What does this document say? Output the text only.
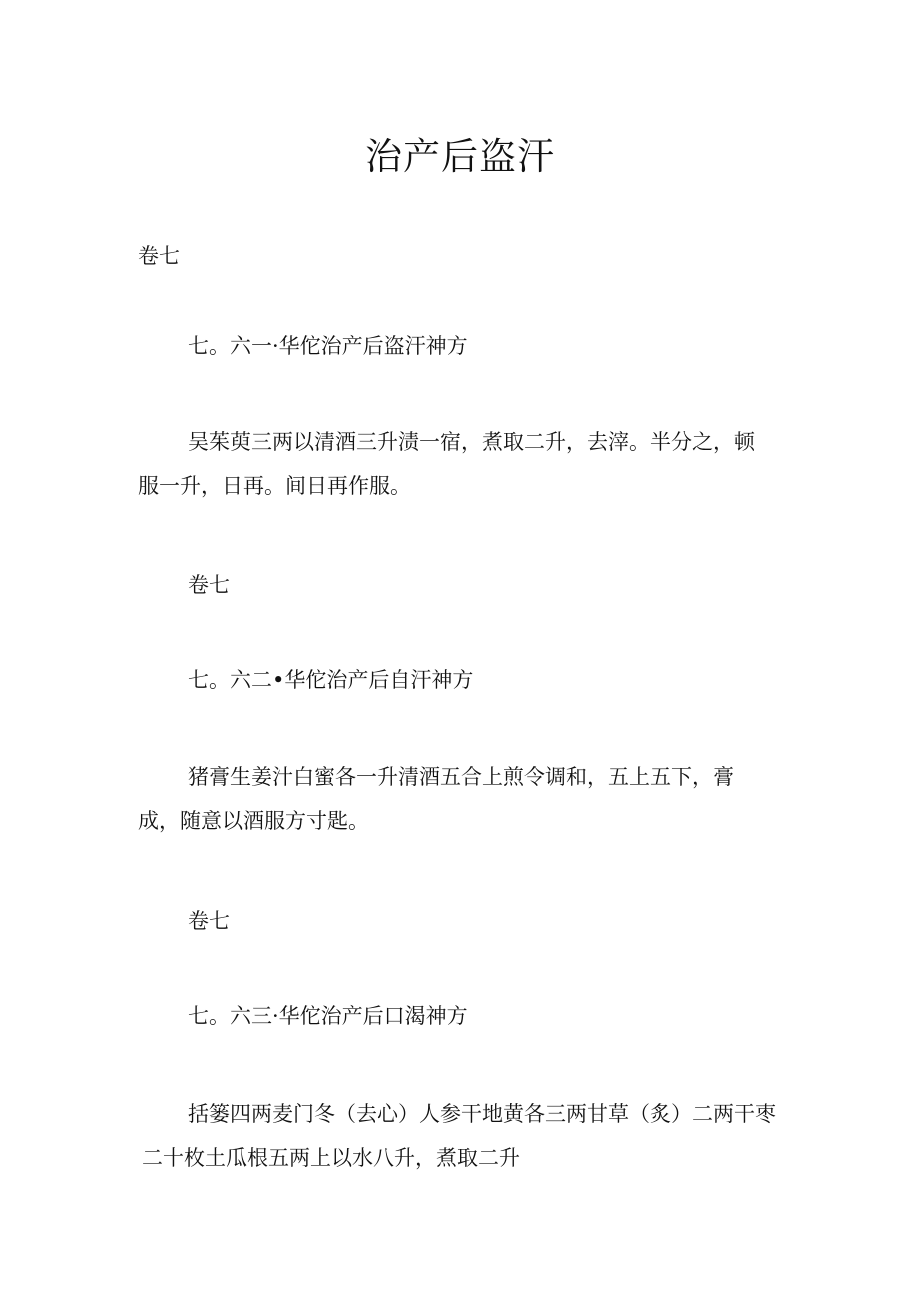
治产后盗汗
卷七
七。六一·华佗治产后盗汗神方
吴茱萸三两以清酒三升渍一宿，煮取二升，去滓。半分之，顿
服一升，日再。间日再作服。
卷七
七。六二•华佗治产后自汗神方
猪膏生姜汁白蜜各一升清酒五合上煎令调和，五上五下，膏
成，随意以酒服方寸匙。
卷七
七。六三·华佗治产后口渴神方
括篓四两麦门冬（去心）人参干地黄各三两甘草（炙）二两干枣
二十枚土瓜根五两上以水八升，煮取二升
